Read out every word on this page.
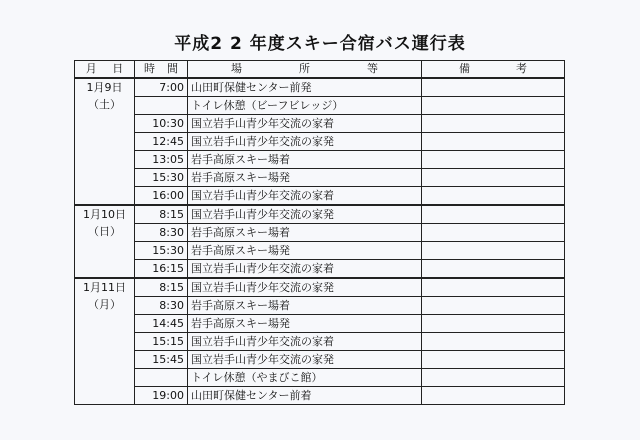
平成2 2 年度スキー合宿バス運行表
月 日	時 間	場 所 等	備 考

1月9日
（土）	7:00	山田町保健センター前発	
		トイレ休憩（ビーフビレッジ）	
	10:30	国立岩手山青少年交流の家着	
	12:45	国立岩手山青少年交流の家発	
	13:05	岩手高原スキー場着	
	15:30	岩手高原スキー場発	
	16:00	国立岩手山青少年交流の家着	

1月10日
（日）	8:15	国立岩手山青少年交流の家発	
	8:30	岩手高原スキー場着	
	15:30	岩手高原スキー場発	
	16:15	国立岩手山青少年交流の家着	

1月11日
（月）	8:15	国立岩手山青少年交流の家発	
	8:30	岩手高原スキー場着	
	14:45	岩手高原スキー場発	
	15:15	国立岩手山青少年交流の家着	
	15:45	国立岩手山青少年交流の家発	
		トイレ休憩（やまびこ館）	
	19:00	山田町保健センター前着	
